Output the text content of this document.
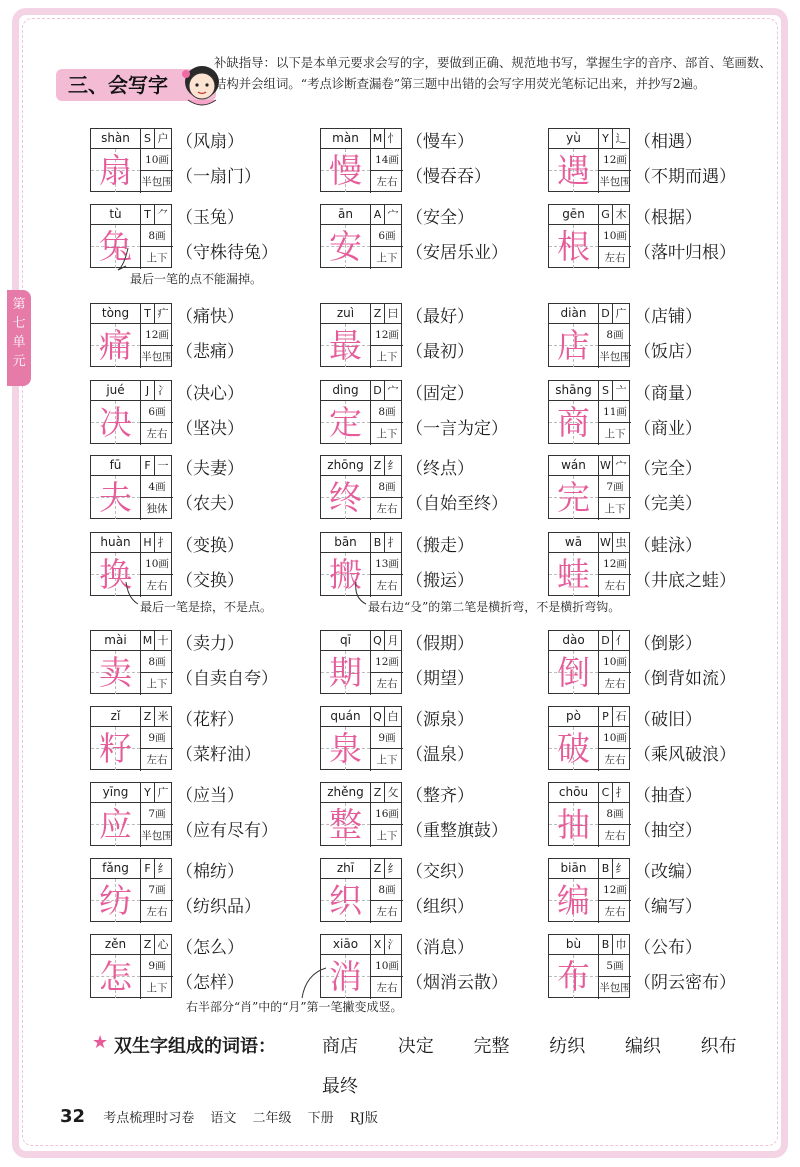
第
七
单
元
三、会写字
补缺指导：以下是本单元要求会写的字，要做到正确、规范地书写，掌握生字的音序、部首、笔画数、结构并会组词。“考点诊断查漏卷”第三题中出错的会写字用荧光笔标记出来，并抄写2遍。
shàn	S 户
扇	10画
半包围
（风扇）
（一扇门）
màn	M 忄
慢	14画
左右
（慢车）
（慢吞吞）
yù	Y 辶
遇	12画
半包围
（相遇）
（不期而遇）
tù	T ⺈
兔	8画
上下
（玉兔）
（守株待兔）
ān	A 宀
安	6画
上下
（安全）
（安居乐业）
gēn	G 木
根	10画
左右
（根据）
（落叶归根）
tòng	T 疒
痛	12画
半包围
（痛快）
（悲痛）
zuì	Z 曰
最	12画
上下
（最好）
（最初）
diàn	D 广
店	8画
半包围
（店铺）
（饭店）
jué	J 冫
决	6画
左右
（决心）
（坚决）
dìng	D 宀
定	8画
上下
（固定）
（一言为定）
shāng S 亠
商	11画
上下
（商量）
（商业）
fū	F 一
夫	4画
独体
（夫妻）
（农夫）
zhōng Z 纟
终	8画
左右
（终点）
（自始至终）
wán	W 宀
完	7画
上下
（完全）
（完美）
huàn	H 扌
换	10画
左右
（变换）
（交换）
bān	B 扌
搬	13画
左右
（搬走）
（搬运）
wā	W 虫
蛙	12画
左右
（蛙泳）
（井底之蛙）
mài	M 十
卖	8画
上下
（卖力）
（自卖自夸）
qī	Q 月
期	12画
左右
（假期）
（期望）
dào	D 亻
倒	10画
左右
（倒影）
（倒背如流）
zǐ	Z 米
籽	9画
左右
（花籽）
（菜籽油）
quán	Q 白
泉	9画
上下
（源泉）
（温泉）
pò	P 石
破	10画
左右
（破旧）
（乘风破浪）
yīng	Y 广
应	7画
半包围
（应当）
（应有尽有）
zhěng Z 攵
整	16画
上下
（整齐）
（重整旗鼓）
chōu	C 扌
抽	8画
左右
（抽查）
（抽空）
fǎng	F 纟
纺	7画
左右
（棉纺）
（纺织品）
zhī	Z 纟
织	8画
左右
（交织）
（组织）
biān	B 纟
编	12画
左右
（改编）
（编写）
zěn	Z 心
怎	9画
上下
（怎么）
（怎样）
xiāo	X 氵
消	10画
左右
（消息）
（烟消云散）
bù	B 巾
布	5画
半包围
（公布）
（阴云密布）
最后一笔的点不能漏掉。
最后一笔是捺，不是点。	最右边“殳”的第二笔是横折弯，不是横折弯钩。
右半部分“肖”中的“月”第一笔撇变成竖。
★ 双生字组成的词语：	商店 决定 完整 纺织 编织 织布
最终
32 考点梳理时习卷 语文 二年级 下册 RJ版
